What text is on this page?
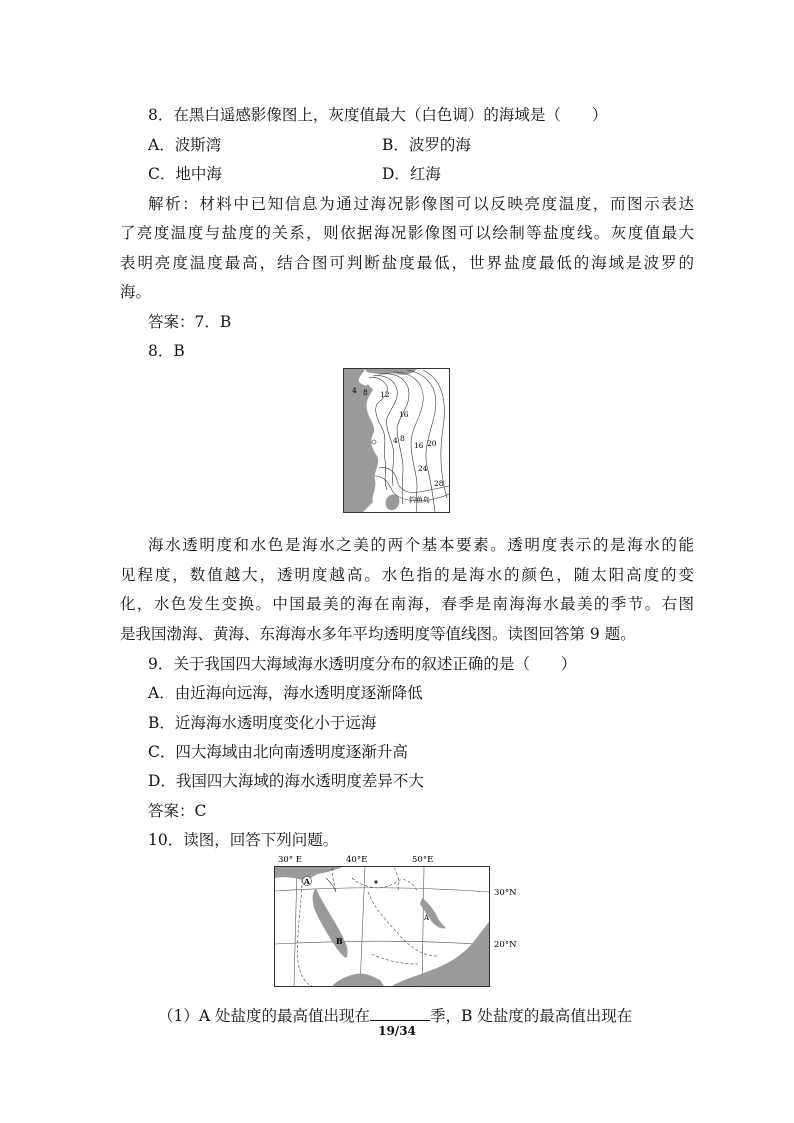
8．在黑白遥感影像图上，灰度值最大（白色调）的海域是（　　）
A．波斯湾	B．波罗的海
C．地中海	D．红海
解析：材料中已知信息为通过海况影像图可以反映亮度温度，而图示表达
了亮度温度与盐度的关系，则依据海况影像图可以绘制等盐度线。灰度值最大
表明亮度温度最高，结合图可判断盐度最低，世界盐度最低的海域是波罗的
海。
答案：7．B
8．B
4 8 12
16
4 8
16 20
24
28
钓鱼岛
海水透明度和水色是海水之美的两个基本要素。透明度表示的是海水的能
见程度，数值越大，透明度越高。水色指的是海水的颜色，随太阳高度的变
化，水色发生变换。中国最美的海在南海，春季是南海海水最美的季节。右图
是我国渤海、黄海、东海海水多年平均透明度等值线图。读图回答第 9 题。
9．关于我国四大海域海水透明度分布的叙述正确的是（　　）
A．由近海向远海，海水透明度逐渐降低
B．近海海水透明度变化小于远海
C．四大海域由北向南透明度逐渐升高
D．我国四大海域的海水透明度差异不大
答案：C
10．读图，回答下列问题。
30° E	40°E	50°E
30°N
20°N
A
B
A
（1）A 处盐度的最高值出现在	季，B 处盐度的最高值出现在
19/34
